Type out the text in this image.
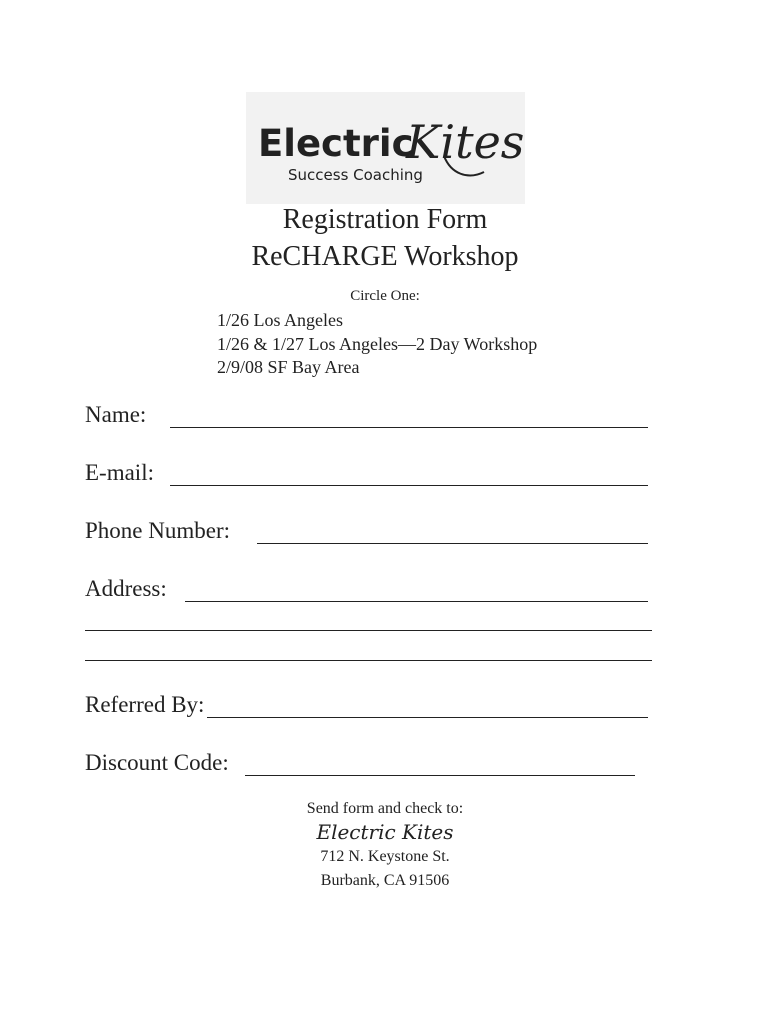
Electric
Kites
Success Coaching
Registration Form
ReCHARGE Workshop
Circle One:
1/26 Los Angeles
1/26 & 1/27 Los Angeles—2 Day Workshop
2/9/08 SF Bay Area
Name:
E-mail:
Phone Number:
Address:
Referred By:
Discount Code:
Send form and check to:
Electric Kites
712 N. Keystone St.
Burbank, CA 91506
